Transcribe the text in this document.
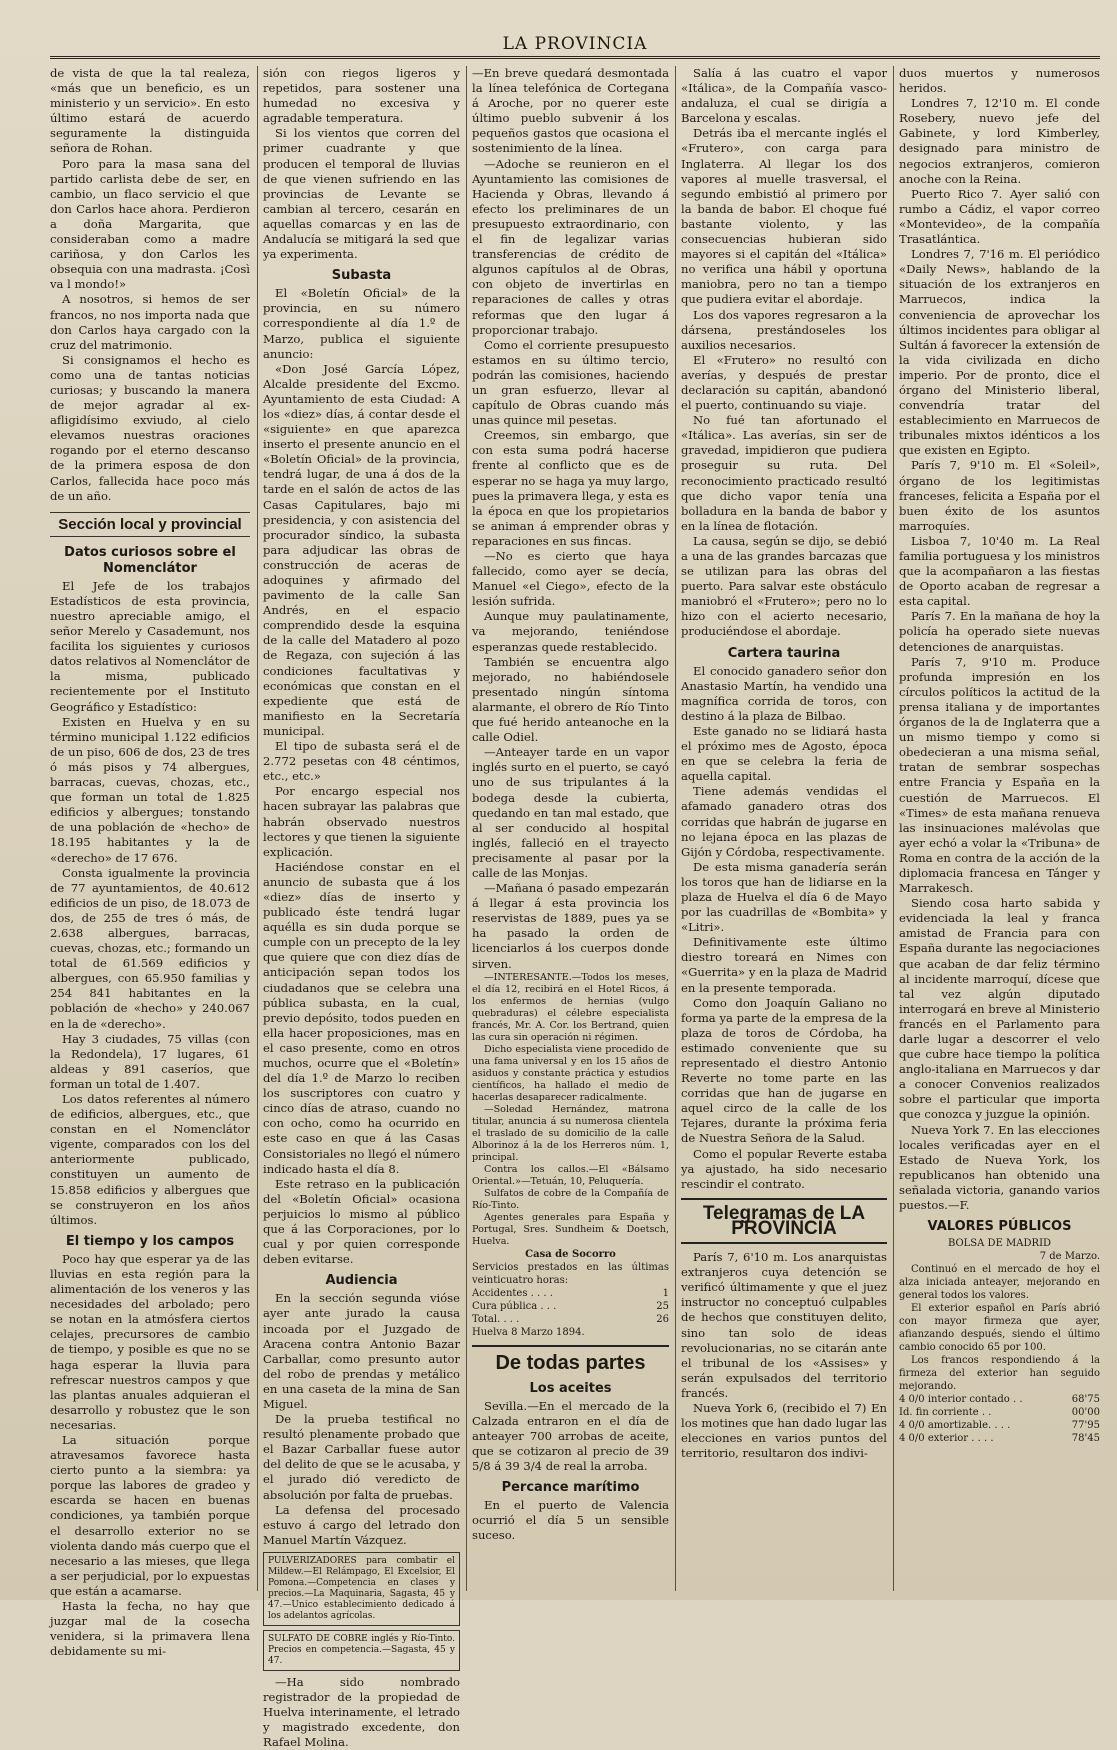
LA PROVINCIA

de vista de que la tal realeza, «más que un beneficio, es un ministerio y un servicio». En esto último estará de acuerdo seguramente la distinguida señora de Rohan.

Poro para la masa sana del partido carlista debe de ser, en cambio, un flaco servicio el que don Carlos hace ahora. Perdieron a doña Margarita, que consideraban como a madre cariñosa, y don Carlos les obsequia con una madrasta. ¡Così va l mondo!»

A nosotros, si hemos de ser francos, no nos importa nada que don Carlos haya cargado con la cruz del matrimonio.

Si consignamos el hecho es como una de tantas noticias curiosas; y buscando la manera de mejor agradar al ex-afligidísimo exviudo, al cielo elevamos nuestras oraciones rogando por el eterno descanso de la primera esposa de don Carlos, fallecida hace poco más de un año.

Sección local y provincial
Datos curiosos sobre el Nomenclátor

El Jefe de los trabajos Estadísticos de esta provincia, nuestro apreciable amigo, el señor Merelo y Casademunt, nos facilita los siguientes y curiosos datos relativos al Nomenclátor de la misma, publicado recientemente por el Instituto Geográfico y Estadístico:

Existen en Huelva y en su término municipal 1.122 edificios de un piso, 606 de dos, 23 de tres ó más pisos y 74 albergues, barracas, cuevas, chozas, etc., que forman un total de 1.825 edificios y albergues; tonstando de una población de «hecho» de 18.195 habitantes y la de «derecho» de 17 676.

Consta igualmente la provincia de 77 ayuntamientos, de 40.612 edificios de un piso, de 18.073 de dos, de 255 de tres ó más, de 2.638 albergues, barracas, cuevas, chozas, etc.; formando un total de 61.569 edificios y albergues, con 65.950 familias y 254 841 habitantes en la población de «hecho» y 240.067 en la de «derecho».

Hay 3 ciudades, 75 villas (con la Redondela), 17 lugares, 61 aldeas y 891 caseríos, que forman un total de 1.407.

Los datos referentes al número de edificios, albergues, etc., que constan en el Nomenclátor vigente, comparados con los del anteriormente publicado, constituyen un aumento de 15.858 edificios y albergues que se construyeron en los años últimos.

El tiempo y los campos

Poco hay que esperar ya de las lluvias en esta región para la alimentación de los veneros y las necesidades del arbolado; pero se notan en la atmósfera ciertos celajes, precursores de cambio de tiempo, y posible es que no se haga esperar la lluvia para refrescar nuestros campos y que las plantas anuales adquieran el desarrollo y robustez que le son necesarias.

La situación porque atravesamos favorece hasta cierto punto a la siembra: ya porque las labores de gradeo y escarda se hacen en buenas condiciones, ya también porque el desarrollo exterior no se violenta dando más cuerpo que el necesario a las mieses, que llega a ser perjudicial, por lo expuestas que están a acamarse.

Hasta la fecha, no hay que juzgar mal de la cosecha venidera, si la primavera llena debidamente su mi-

sión con riegos ligeros y repetidos, para sostener una humedad no excesiva y agradable temperatura.

Si los vientos que corren del primer cuadrante y que producen el temporal de lluvias de que vienen sufriendo en las provincias de Levante se cambian al tercero, cesarán en aquellas comarcas y en las de Andalucía se mitigará la sed que ya experimenta.

Subasta

El «Boletín Oficial» de la provincia, en su número correspondiente al día 1.º de Marzo, publica el siguiente anuncio:

«Don José García López, Alcalde presidente del Excmo. Ayuntamiento de esta Ciudad: A los «diez» días, á contar desde el «siguiente» en que aparezca inserto el presente anuncio en el «Boletín Oficial» de la provincia, tendrá lugar, de una á dos de la tarde en el salón de actos de las Casas Capitulares, bajo mi presidencia, y con asistencia del procurador síndico, la subasta para adjudicar las obras de construcción de aceras de adoquines y afirmado del pavimento de la calle San Andrés, en el espacio comprendido desde la esquina de la calle del Matadero al pozo de Regaza, con sujeción á las condiciones facultativas y económicas que constan en el expediente que está de manifiesto en la Secretaría municipal.

El tipo de subasta será el de 2.772 pesetas con 48 céntimos, etc., etc.»

Por encargo especial nos hacen subrayar las palabras que habrán observado nuestros lectores y que tienen la siguiente explicación.

Haciéndose constar en el anuncio de subasta que á los «diez» días de inserto y publicado éste tendrá lugar aquélla es sin duda porque se cumple con un precepto de la ley que quiere que con diez días de anticipación sepan todos los ciudadanos que se celebra una pública subasta, en la cual, previo depósito, todos pueden en ella hacer proposiciones, mas en el caso presente, como en otros muchos, ocurre que el «Boletín» del día 1.º de Marzo lo reciben los suscriptores con cuatro y cinco días de atraso, cuando no con ocho, como ha ocurrido en este caso en que á las Casas Consistoriales no llegó el número indicado hasta el día 8.

Este retraso en la publicación del «Boletín Oficial» ocasiona perjuicios lo mismo al público que á las Corporaciones, por lo cual y por quien corresponde deben evitarse.

Audiencia

En la sección segunda vióse ayer ante jurado la causa incoada por el Juzgado de Aracena contra Antonio Bazar Carballar, como presunto autor del robo de prendas y metálico en una caseta de la mina de San Miguel.

De la prueba testifical no resultó plenamente probado que el Bazar Carballar fuese autor del delito de que se le acusaba, y el jurado dió veredicto de absolución por falta de pruebas.

La defensa del procesado estuvo á cargo del letrado don Manuel Martín Vázquez.

PULVERIZADORES para combatir el Mildew.—El Relámpago, El Excelsior, El Pomona.—Competencia en clases y precios.—La Maquinaria, Sagasta, 45 y 47.—Unico establecimiento dedicado á los adelantos agrícolas.
SULFATO DE COBRE inglés y Río-Tinto. Precios en competencia.—Sagasta, 45 y 47.

—Ha sido nombrado registrador de la propiedad de Huelva interinamente, el letrado y magistrado excedente, don Rafael Molina.

—En breve quedará desmontada la línea telefónica de Cortegana á Aroche, por no querer este último pueblo subvenir á los pequeños gastos que ocasiona el sostenimiento de la línea.

—Adoche se reunieron en el Ayuntamiento las comisiones de Hacienda y Obras, llevando á efecto los preliminares de un presupuesto extraordinario, con el fin de legalizar varias transferencias de crédito de algunos capítulos al de Obras, con objeto de invertirlas en reparaciones de calles y otras reformas que den lugar á proporcionar trabajo.

Como el corriente presupuesto estamos en su último tercio, podrán las comisiones, haciendo un gran esfuerzo, llevar al capítulo de Obras cuando más unas quince mil pesetas.

Creemos, sin embargo, que con esta suma podrá hacerse frente al conflicto que es de esperar no se haga ya muy largo, pues la primavera llega, y esta es la época en que los propietarios se animan á emprender obras y reparaciones en sus fincas.

—No es cierto que haya fallecido, como ayer se decía, Manuel «el Ciego», efecto de la lesión sufrida.

Aunque muy paulatinamente, va mejorando, teniéndose esperanzas quede restablecido.

También se encuentra algo mejorado, no habiéndosele presentado ningún síntoma alarmante, el obrero de Río Tinto que fué herido anteanoche en la calle Odiel.

—Anteayer tarde en un vapor inglés surto en el puerto, se cayó uno de sus tripulantes á la bodega desde la cubierta, quedando en tan mal estado, que al ser conducido al hospital inglés, falleció en el trayecto precisamente al pasar por la calle de las Monjas.

—Mañana ó pasado empezarán á llegar á esta provincia los reservistas de 1889, pues ya se ha pasado la orden de licenciarlos á los cuerpos donde sirven.

—INTERESANTE.—Todos los meses, el día 12, recibirá en el Hotel Ricos, á los enfermos de hernias (vulgo quebraduras) el célebre especialista francés, Mr. A. Cor. los Bertrand, quien las cura sin operación ni régimen.

Dicho especialista viene procedido de una fama universal y en los 15 años de asiduos y constante práctica y estudios científicos, ha hallado el medio de hacerlas desaparecer radicalmente.

—Soledad Hernández, matrona titular, anuncia á su numerosa clientela el traslado de su domicilio de la calle Alborinoz á la de los Herreros núm. 1, principal.

Contra los callos.—El «Bálsamo Oriental.»—Tetuán, 10, Peluquería.

Sulfatos de cobre de la Compañía de Río-Tinto.

Agentes generales para España y Portugal, Sres. Sundheim & Doetsch, Huelva.

Casa de Socorro
Servicios prestados en las últimas veinticuatro horas:
Accidentes . . . .	1
Cura pública . . .	25
Total. . . .	26
Huelva 8 Marzo 1894.
De todas partes
Los aceites

Sevilla.—En el mercado de la Calzada entraron en el día de anteayer 700 arrobas de aceite, que se cotizaron al precio de 39 5/8 á 39 3/4 de real la arroba.

Percance marítimo

En el puerto de Valencia ocurrió el día 5 un sensible suceso.

Salía á las cuatro el vapor «Itálica», de la Compañía vasco-andaluza, el cual se dirigía a Barcelona y escalas.

Detrás iba el mercante inglés el «Frutero», con carga para Inglaterra. Al llegar los dos vapores al muelle trasversal, el segundo embistió al primero por la banda de babor. El choque fué bastante violento, y las consecuencias hubieran sido mayores si el capitán del «Itálica» no verifica una hábil y oportuna maniobra, pero no tan a tiempo que pudiera evitar el abordaje.

Los dos vapores regresaron a la dársena, prestándoseles los auxilios necesarios.

El «Frutero» no resultó con averías, y después de prestar declaración su capitán, abandonó el puerto, continuando su viaje.

No fué tan afortunado el «Itálica». Las averías, sin ser de gravedad, impidieron que pudiera proseguir su ruta. Del reconocimiento practicado resultó que dicho vapor tenía una bolladura en la banda de babor y en la línea de flotación.

La causa, según se dijo, se debió a una de las grandes barcazas que se utilizan para las obras del puerto. Para salvar este obstáculo maniobró el «Frutero»; pero no lo hizo con el acierto necesario, produciéndose el abordaje.

Cartera taurina

El conocido ganadero señor don Anastasio Martín, ha vendido una magnífica corrida de toros, con destino á la plaza de Bilbao.

Este ganado no se lidiará hasta el próximo mes de Agosto, época en que se celebra la feria de aquella capital.

Tiene además vendidas el afamado ganadero otras dos corridas que habrán de jugarse en no lejana época en las plazas de Gijón y Córdoba, respectivamente.

De esta misma ganadería serán los toros que han de lidiarse en la plaza de Huelva el día 6 de Mayo por las cuadrillas de «Bombita» y «Litri».

Definitivamente este último diestro toreará en Nimes con «Guerrita» y en la plaza de Madrid en la presente temporada.

Como don Joaquín Galiano no forma ya parte de la empresa de la plaza de toros de Córdoba, ha estimado conveniente que su representado el diestro Antonio Reverte no tome parte en las corridas que han de jugarse en aquel circo de la calle de los Tejares, durante la próxima feria de Nuestra Señora de la Salud.

Como el popular Reverte estaba ya ajustado, ha sido necesario rescindir el contrato.

Telegramas de LA PROVINCIA

París 7, 6'10 m. Los anarquistas extranjeros cuya detención se verificó últimamente y que el juez instructor no conceptuó culpables de hechos que constituyen delito, sino tan solo de ideas revolucionarias, no se citarán ante el tribunal de los «Assises» y serán expulsados del territorio francés.

Nueva York 6, (recibido el 7) En los motines que han dado lugar las elecciones en varios puntos del territorio, resultaron dos indivi-

duos muertos y numerosos heridos.

Londres 7, 12'10 m. El conde Rosebery, nuevo jefe del Gabinete, y lord Kimberley, designado para ministro de negocios extranjeros, comieron anoche con la Reina.

Puerto Rico 7. Ayer salió con rumbo a Cádiz, el vapor correo «Montevideo», de la compañía Trasatlántica.

Londres 7, 7'16 m. El periódico «Daily News», hablando de la situación de los extranjeros en Marruecos, indica la conveniencia de aprovechar los últimos incidentes para obligar al Sultán á favorecer la extensión de la vida civilizada en dicho imperio. Por de pronto, dice el órgano del Ministerio liberal, convendría tratar del establecimiento en Marruecos de tribunales mixtos idénticos a los que existen en Egipto.

París 7, 9'10 m. El «Soleil», órgano de los legitimistas franceses, felicita a España por el buen éxito de los asuntos marroquíes.

Lisboa 7, 10'40 m. La Real familia portuguesa y los ministros que la acompañaron a las fiestas de Oporto acaban de regresar a esta capital.

París 7. En la mañana de hoy la policía ha operado siete nuevas detenciones de anarquistas.

París 7, 9'10 m. Produce profunda impresión en los círculos políticos la actitud de la prensa italiana y de importantes órganos de la de Inglaterra que a un mismo tiempo y como si obedecieran a una misma señal, tratan de sembrar sospechas entre Francia y España en la cuestión de Marruecos. El «Times» de esta mañana renueva las insinuaciones malévolas que ayer echó a volar la «Tribuna» de Roma en contra de la acción de la diplomacia francesa en Tánger y Marrakesch.

Siendo cosa harto sabida y evidenciada la leal y franca amistad de Francia para con España durante las negociaciones que acaban de dar feliz término al incidente marroquí, dícese que tal vez algún diputado interrogará en breve al Ministerio francés en el Parlamento para darle lugar a descorrer el velo que cubre hace tiempo la política anglo-italiana en Marruecos y dar a conocer Convenios realizados sobre el particular que importa que conozca y juzgue la opinión.

Nueva York 7. En las elecciones locales verificadas ayer en el Estado de Nueva York, los republicanos han obtenido una señalada victoria, ganando varios puestos.—F.

VALORES PÚBLICOS
BOLSA DE MADRID
7 de Marzo.

Continuó en el mercado de hoy el alza iniciada anteayer, mejorando en general todos los valores.

El exterior español en París abrió con mayor firmeza que ayer, afianzando después, siendo el último cambio conocido 65 por 100.

Los francos respondiendo á la firmeza del exterior han seguido mejorando.

4 0/0 interior contado . .	68'75
Id. fin corriente . .	00'00
4 0/0 amortizable. . . .	77'95
4 0/0 exterior . . . .	78'45
